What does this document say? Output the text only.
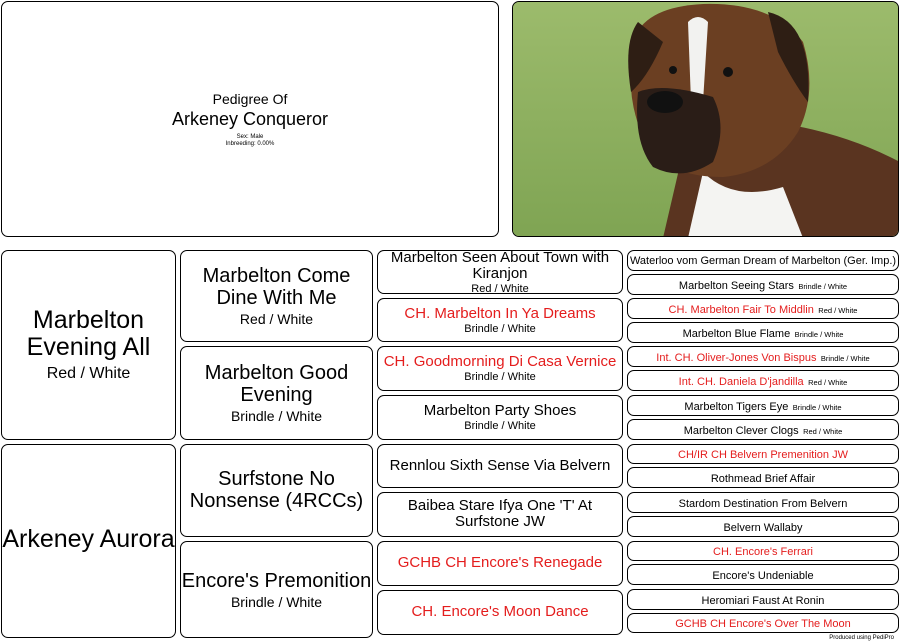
Pedigree Of
Arkeney Conqueror
Sex: Male
Inbreeding: 0.00%
Marbelton Evening All
Red / White
Arkeney Aurora
Marbelton Come Dine With Me
Red / White
Marbelton Good Evening
Brindle / White
Surfstone No Nonsense (4RCCs)
Encore's Premonition
Brindle / White
Marbelton Seen About Town with Kiranjon
Red / White
CH. Marbelton In Ya Dreams
Brindle / White
CH. Goodmorning Di Casa Vernice
Brindle / White
Marbelton Party Shoes
Brindle / White
Rennlou Sixth Sense Via Belvern
Baibea Stare Ifya One 'T' At Surfstone JW
GCHB CH Encore's Renegade
CH. Encore's Moon Dance
Waterloo vom German Dream of Marbelton (Ger. Imp.)
Marbelton Seeing Stars Brindle / White
CH. Marbelton Fair To Middlin Red / White
Marbelton Blue Flame Brindle / White
Int. CH. Oliver-Jones Von Bispus Brindle / White
Int. CH. Daniela D'jandilla Red / White
Marbelton Tigers Eye Brindle / White
Marbelton Clever Clogs Red / White
CH/IR CH Belvern Premenition JW
Rothmead Brief Affair
Stardom Destination From Belvern
Belvern Wallaby
CH. Encore's Ferrari
Encore's Undeniable
Heromiari Faust At Ronin
GCHB CH Encore's Over The Moon
Produced using PediPro
